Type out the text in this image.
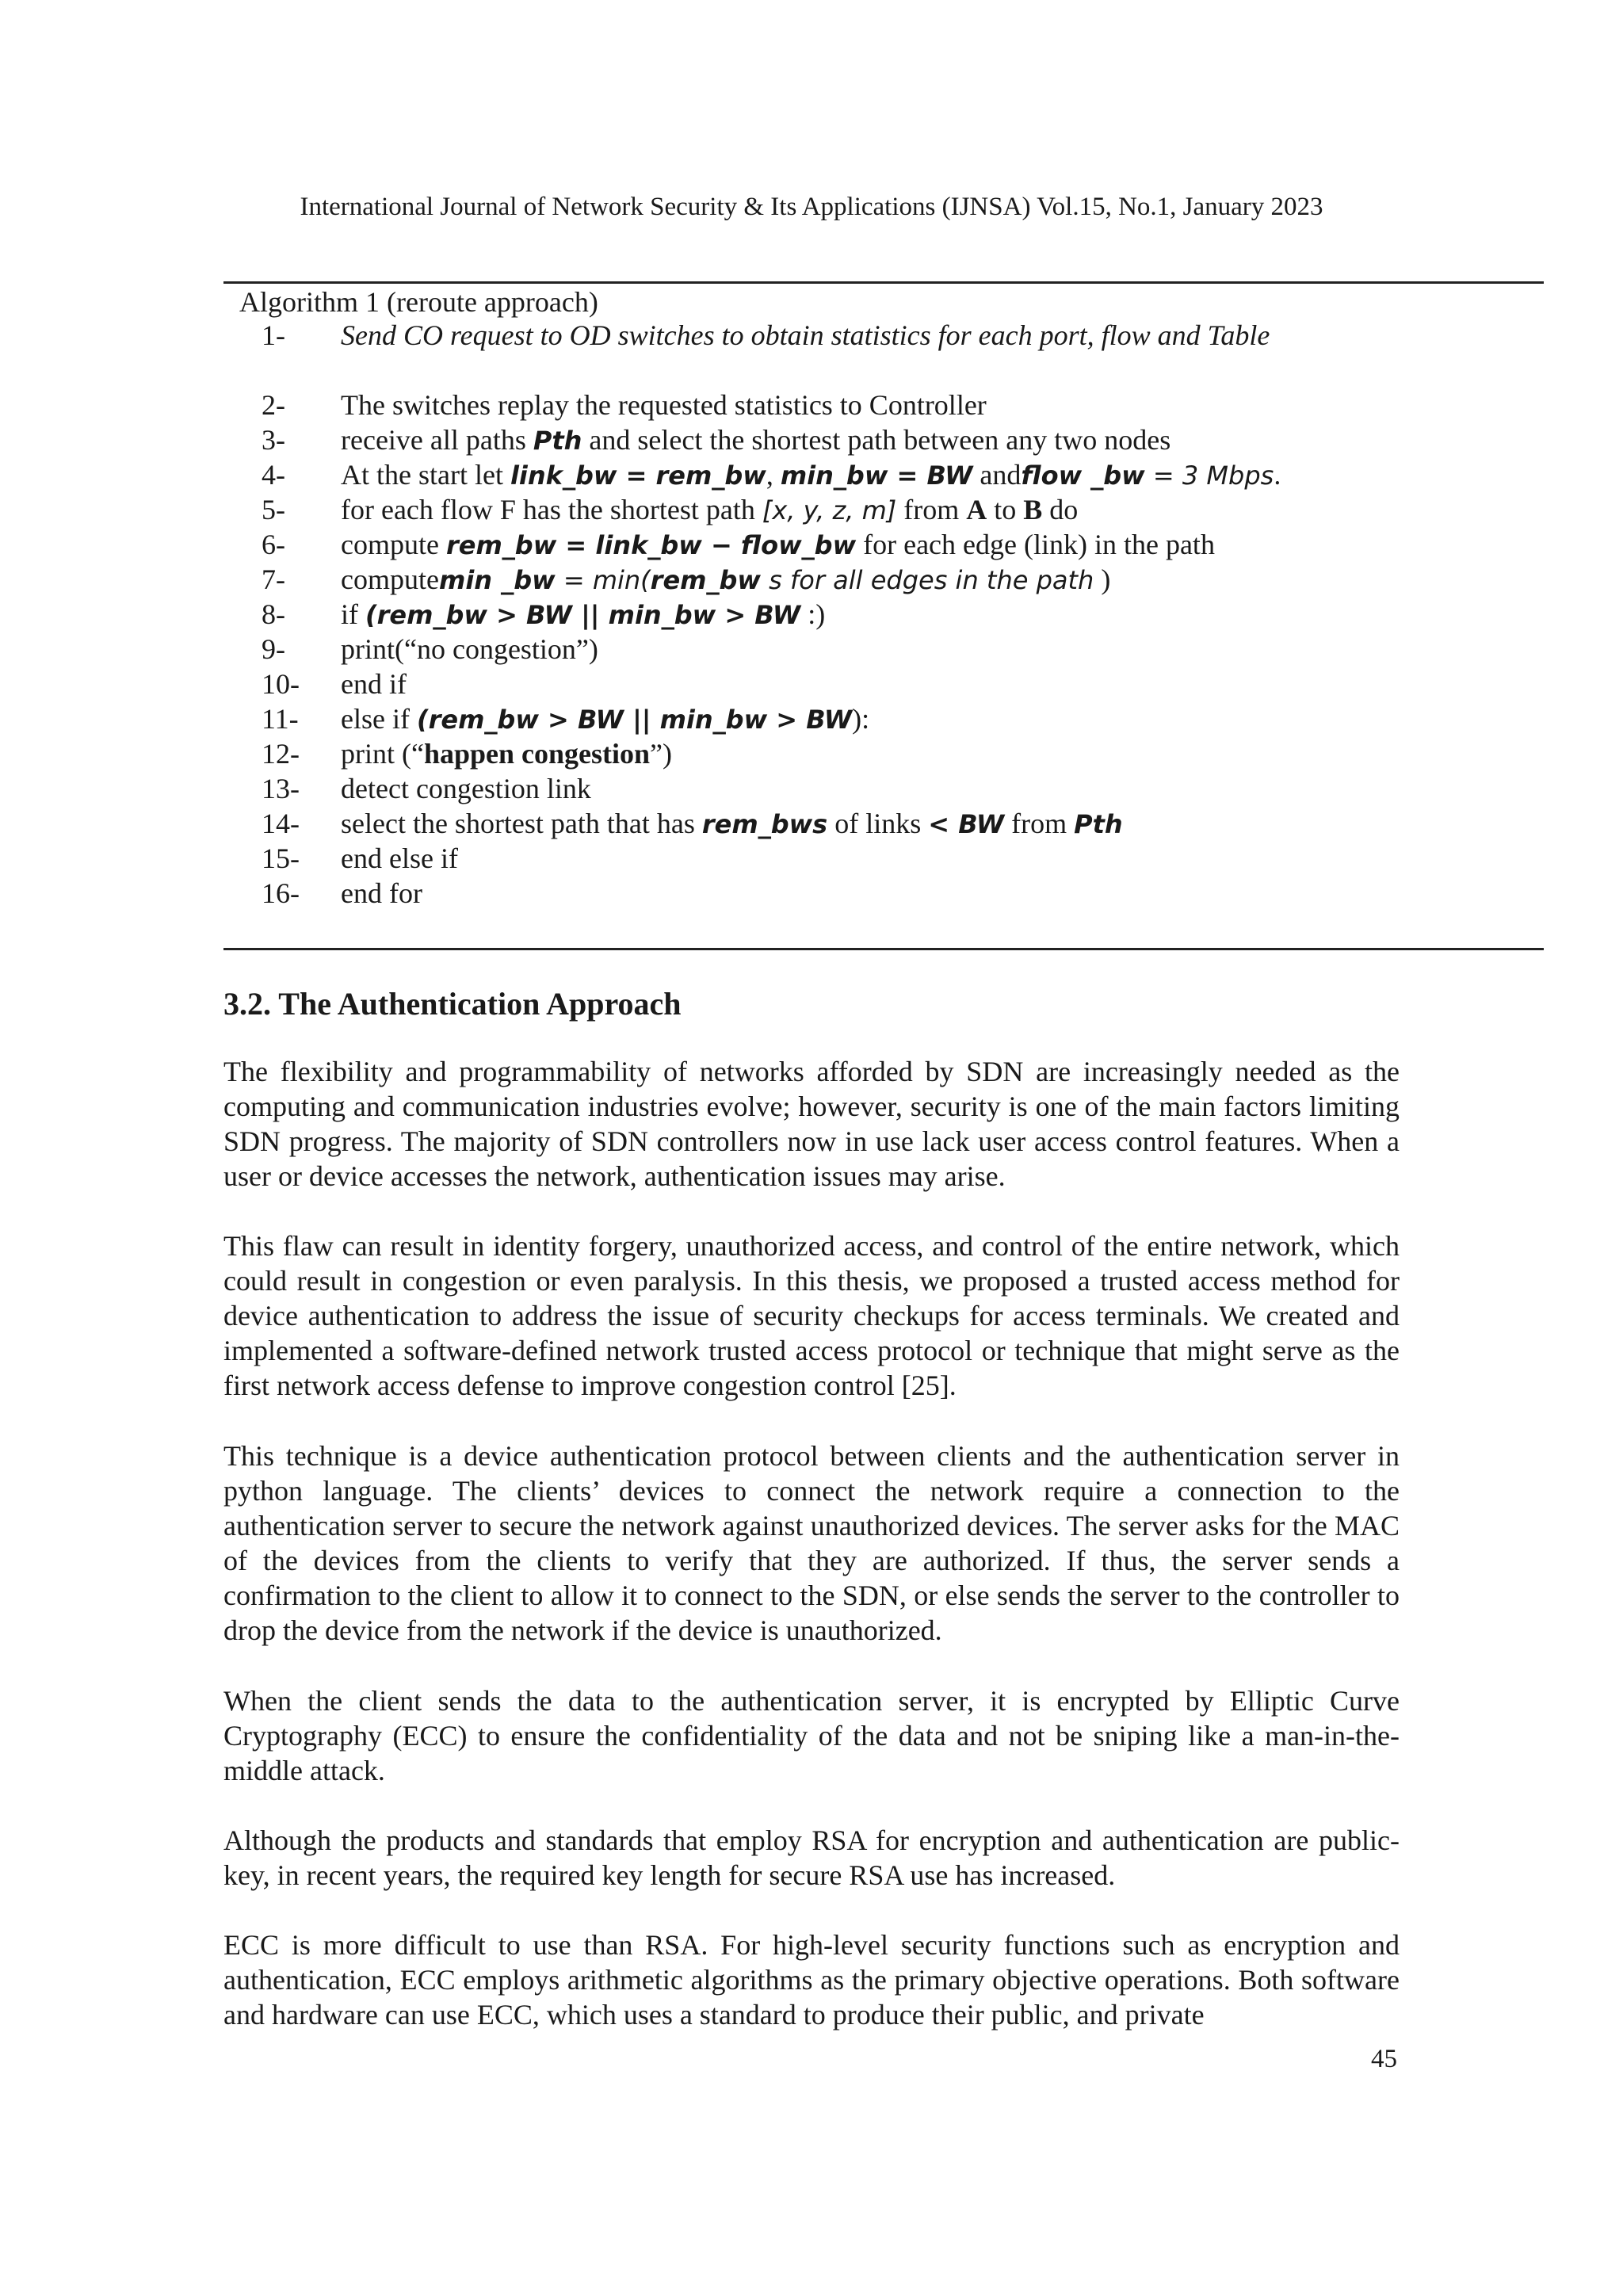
International Journal of Network Security & Its Applications (IJNSA) Vol.15, No.1, January 2023
Algorithm 1 (reroute approach)
1- Send CO request to OD switches to obtain statistics for each port, flow and Table
2- The switches replay the requested statistics to Controller
3- receive all paths Pth and select the shortest path between any two nodes
4- At the start let link_bw = rem_bw, min_bw = BW andflow _bw = 3 Mbps.
5- for each flow F has the shortest path [x, y, z, m] from A to B do
6- compute rem_bw = link_bw − flow_bw for each edge (link) in the path
7- computemin _bw = min(rem_bw s for all edges in the path )
8- if (rem_bw > BW || min_bw > BW :)
9- print(“no congestion”)
10- end if
11- else if (rem_bw > BW || min_bw > BW):
12- print (“happen congestion”)
13- detect congestion link
14- select the shortest path that has rem_bws of links < BW from Pth
15- end else if
16- end for
3.2. The Authentication Approach
The flexibility and programmability of networks afforded by SDN are increasingly needed as the computing and communication industries evolve; however, security is one of the main factors limiting SDN progress. The majority of SDN controllers now in use lack user access control features. When a user or device accesses the network, authentication issues may arise.
This flaw can result in identity forgery, unauthorized access, and control of the entire network, which could result in congestion or even paralysis. In this thesis, we proposed a trusted access method for device authentication to address the issue of security checkups for access terminals. We created and implemented a software-defined network trusted access protocol or technique that might serve as the first network access defense to improve congestion control [25].
This technique is a device authentication protocol between clients and the authentication server in python language. The clients’ devices to connect the network require a connection to the authentication server to secure the network against unauthorized devices. The server asks for the MAC of the devices from the clients to verify that they are authorized. If thus, the server sends a confirmation to the client to allow it to connect to the SDN, or else sends the server to the controller to drop the device from the network if the device is unauthorized.
When the client sends the data to the authentication server, it is encrypted by Elliptic Curve Cryptography (ECC) to ensure the confidentiality of the data and not be sniping like a man-in-the-middle attack.
Although the products and standards that employ RSA for encryption and authentication are public-key, in recent years, the required key length for secure RSA use has increased.
ECC is more difficult to use than RSA. For high-level security functions such as encryption and authentication, ECC employs arithmetic algorithms as the primary objective operations. Both software and hardware can use ECC, which uses a standard to produce their public, and private
45
